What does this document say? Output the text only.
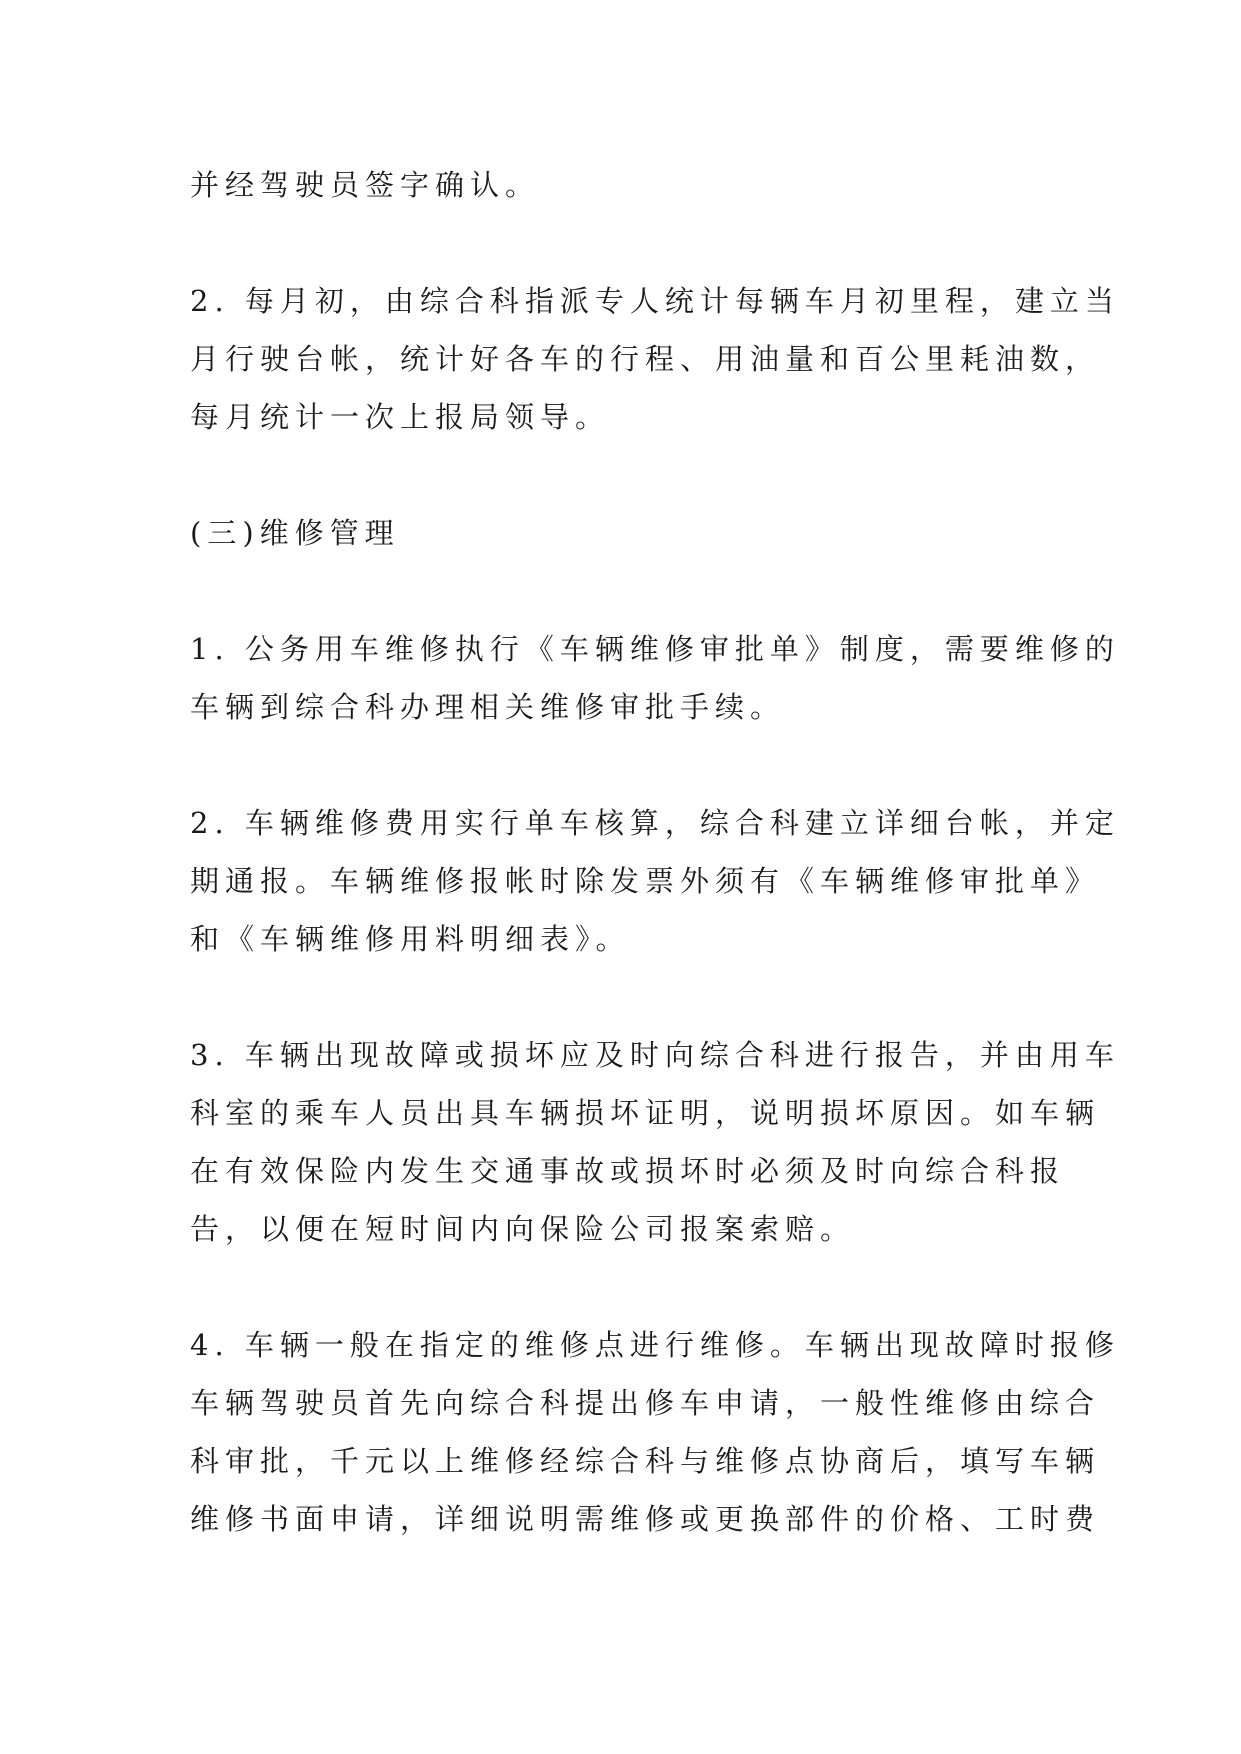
并经驾驶员签字确认。
2. 每月初，由综合科指派专人统计每辆车月初里程，建立当
月行驶台帐，统计好各车的行程、用油量和百公里耗油数，
每月统计一次上报局领导。
(三)维修管理
1. 公务用车维修执行《车辆维修审批单》制度，需要维修的
车辆到综合科办理相关维修审批手续。
2. 车辆维修费用实行单车核算，综合科建立详细台帐，并定
期通报。车辆维修报帐时除发票外须有《车辆维修审批单》
和《车辆维修用料明细表》。
3. 车辆出现故障或损坏应及时向综合科进行报告，并由用车
科室的乘车人员出具车辆损坏证明，说明损坏原因。如车辆
在有效保险内发生交通事故或损坏时必须及时向综合科报
告，以便在短时间内向保险公司报案索赔。
4. 车辆一般在指定的维修点进行维修。车辆出现故障时报修
车辆驾驶员首先向综合科提出修车申请，一般性维修由综合
科审批，千元以上维修经综合科与维修点协商后，填写车辆
维修书面申请，详细说明需维修或更换部件的价格、工时费
